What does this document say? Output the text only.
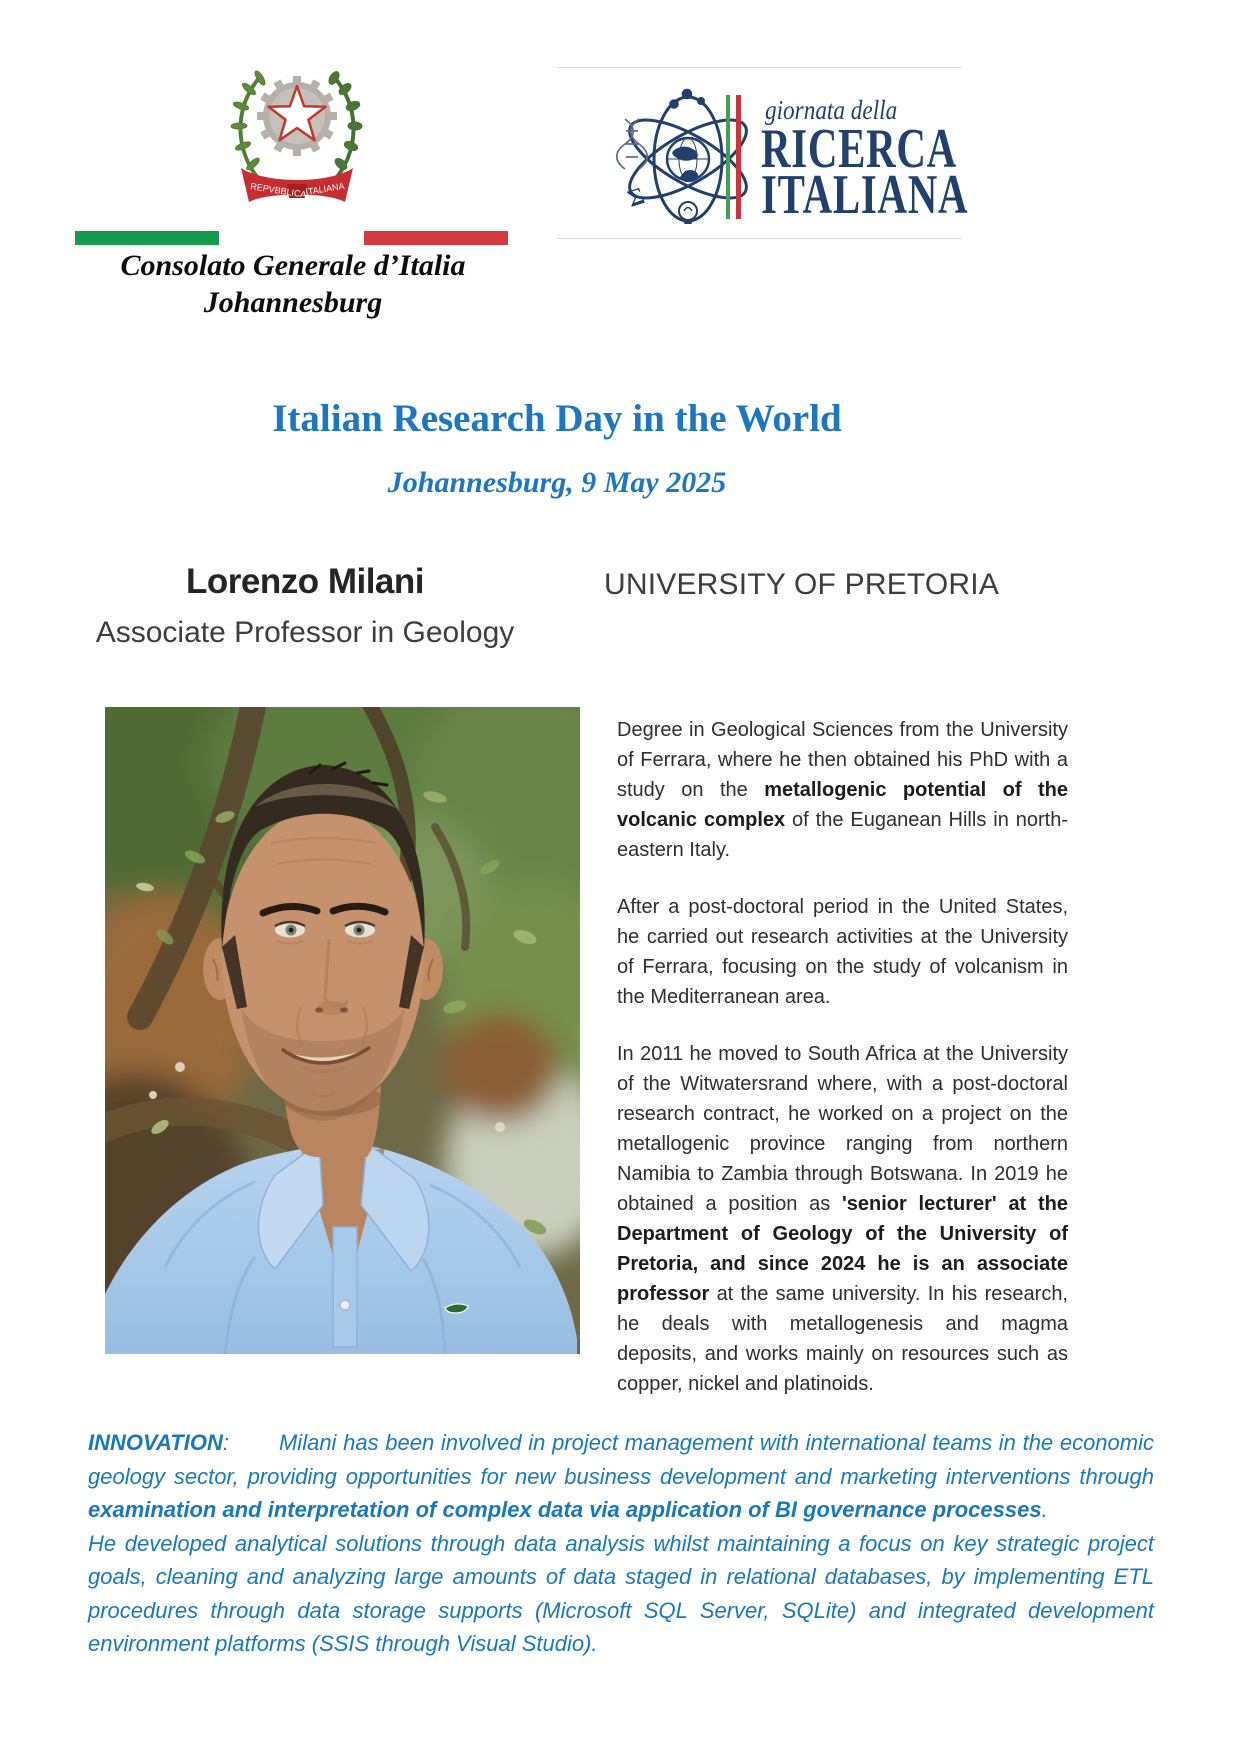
REPVBBLICA
ITALIANA
Consolato Generale d’Italia
Johannesburg
Σ
giornata della
RICERCA
ITALIANA
Italian Research Day in the World
Johannesburg, 9 May 2025
Lorenzo Milani	UNIVERSITY OF PRETORIA
Associate Professor in Geology

Degree in Geological Sciences from the University of Ferrara, where he then obtained his PhD with a study on the metallogenic potential of the volcanic complex of the Euganean Hills in north-eastern Italy.

After a post-doctoral period in the United States, he carried out research activities at the University of Ferrara, focusing on the study of volcanism in the Mediterranean area.

In 2011 he moved to South Africa at the University of the Witwatersrand where, with a post-doctoral research contract, he worked on a project on the metallogenic province ranging from northern Namibia to Zambia through Botswana. In 2019 he obtained a position as 'senior lecturer' at the Department of Geology of the University of Pretoria, and since 2024 he is an associate professor at the same university. In his research, he deals with metallogenesis and magma deposits, and works mainly on resources such as copper, nickel and platinoids.

INNOVATION: Milani has been involved in project management with international teams in the economic geology sector, providing opportunities for new business development and marketing interventions through examination and interpretation of complex data via application of BI governance processes.

He developed analytical solutions through data analysis whilst maintaining a focus on key strategic project goals, cleaning and analyzing large amounts of data staged in relational databases, by implementing ETL procedures through data storage supports (Microsoft SQL Server, SQLite) and integrated development environment platforms (SSIS through Visual Studio).
